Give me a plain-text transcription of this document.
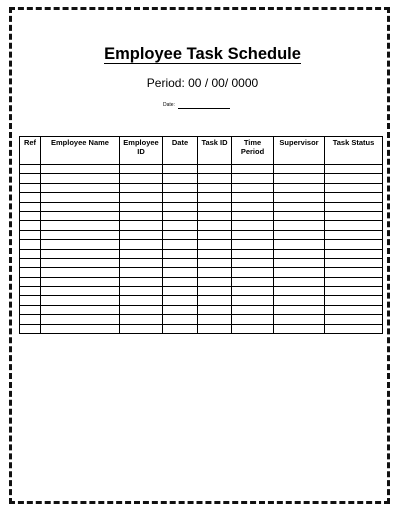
Employee Task Schedule
Period: 00 / 00/ 0000
Date:
Ref	Employee Name	Employee ID	Date	Task ID	Time Period	Supervisor	Task Status
